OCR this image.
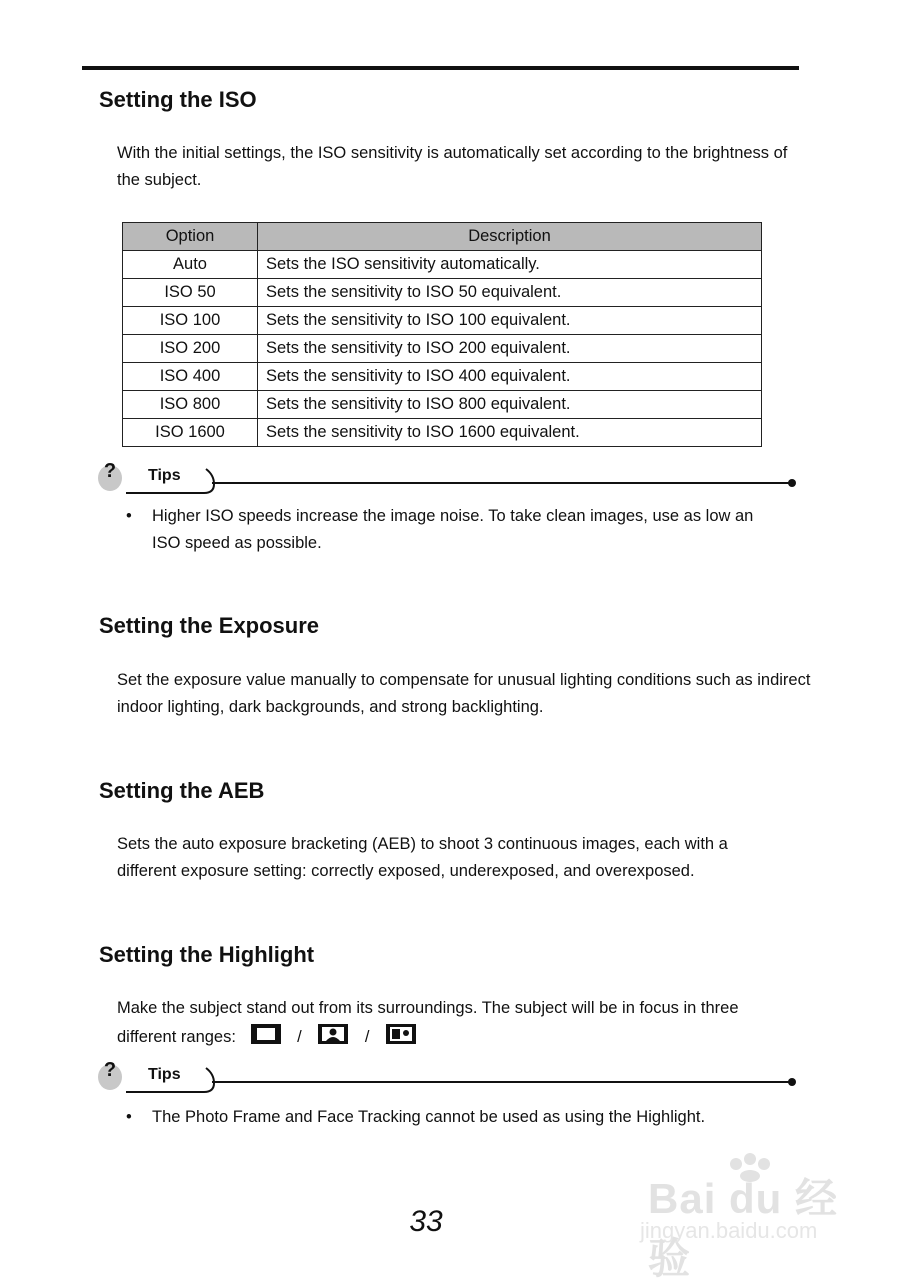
Setting the ISO

With the initial settings, the ISO sensitivity is automatically set according to the brightness of the subject.

Option	Description
Auto	Sets the ISO sensitivity automatically.
ISO 50	Sets the sensitivity to ISO 50 equivalent.
ISO 100	Sets the sensitivity to ISO 100 equivalent.
ISO 200	Sets the sensitivity to ISO 200 equivalent.
ISO 400	Sets the sensitivity to ISO 400 equivalent.
ISO 800	Sets the sensitivity to ISO 800 equivalent.
ISO 1600	Sets the sensitivity to ISO 1600 equivalent.
?	Tips
•	Higher ISO speeds increase the image noise. To take clean images, use as low an ISO speed as possible.
Setting the Exposure

Set the exposure value manually to compensate for unusual lighting conditions such as indirect indoor lighting, dark backgrounds, and strong backlighting.

Setting the AEB

Sets the auto exposure bracketing (AEB) to shoot 3 continuous images, each with a different exposure setting: correctly exposed, underexposed, and overexposed.

Setting the Highlight

Make the subject stand out from its surroundings. The subject will be in focus in three

different ranges:	/	/
?	Tips
•	The Photo Frame and Face Tracking cannot be used as using the Highlight.
33	Bai du 经验
jingyan.baidu.com
